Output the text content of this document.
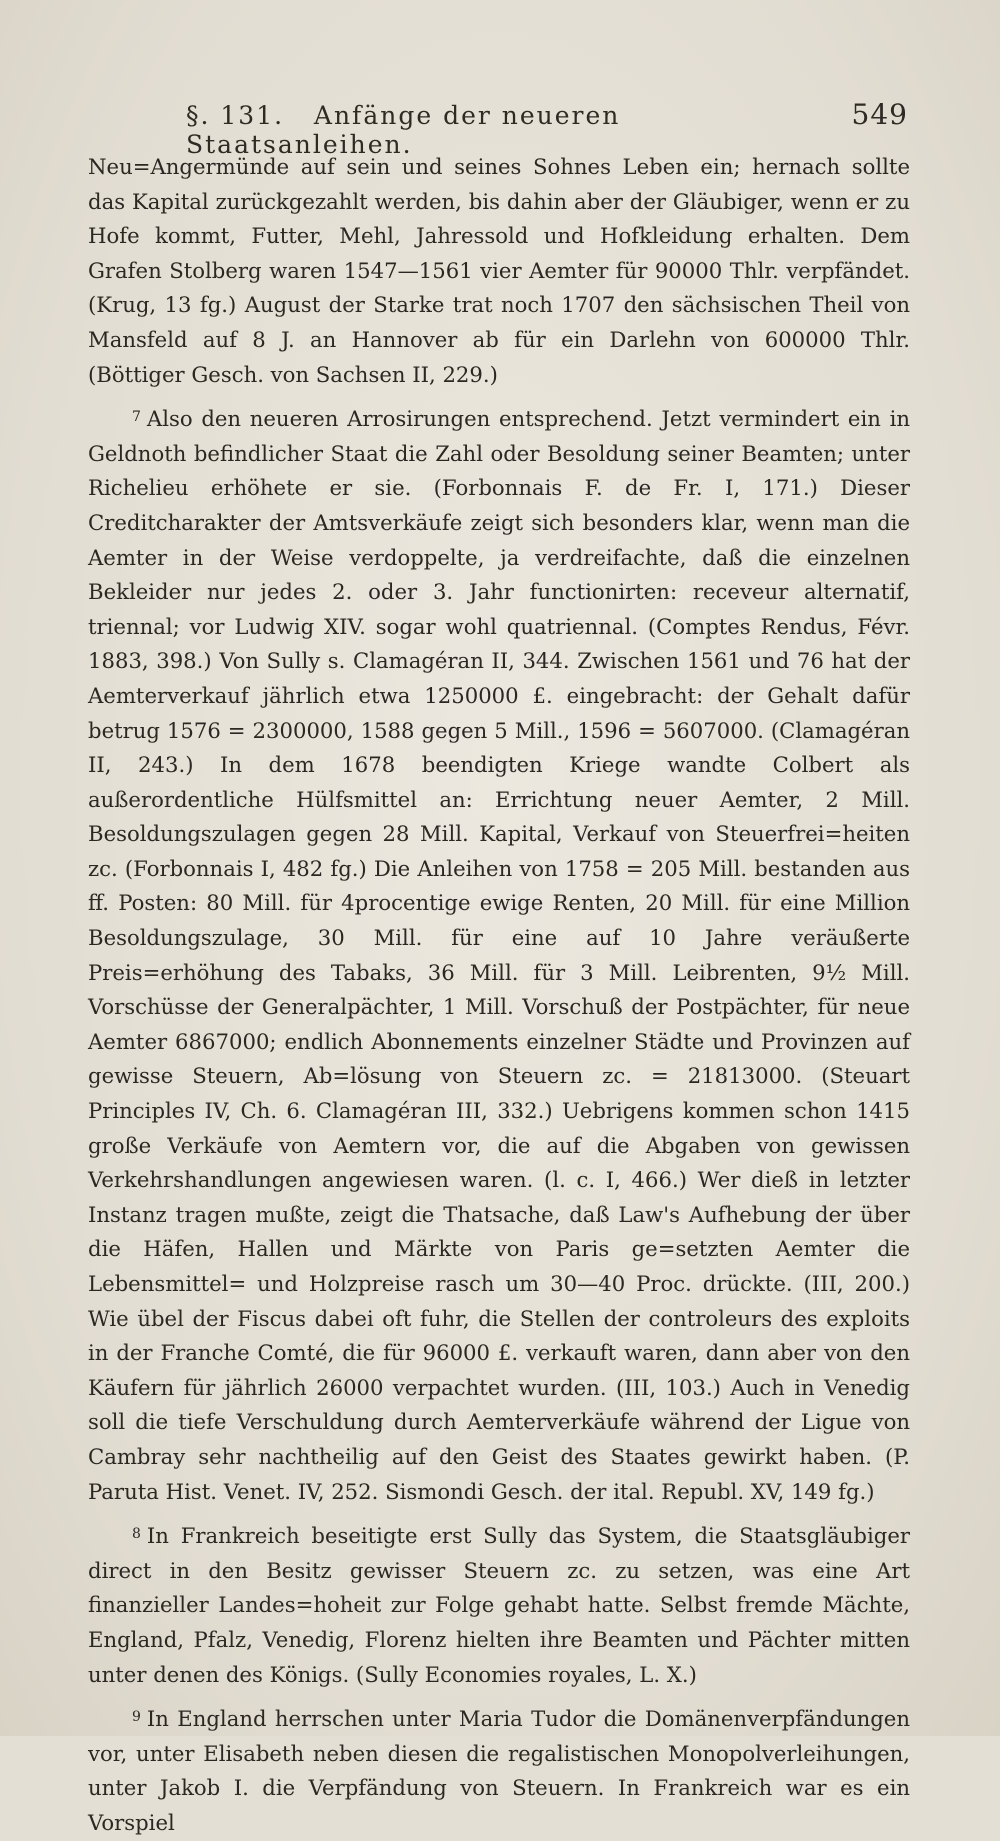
§. 131. Anfänge der neueren Staatsanleihen.
549

Neu=Angermünde auf sein und seines Sohnes Leben ein; hernach sollte das Kapital zurückgezahlt werden, bis dahin aber der Gläubiger, wenn er zu Hofe kommt, Futter, Mehl, Jahressold und Hofkleidung erhalten. Dem Grafen Stolberg waren 1547—1561 vier Aemter für 90000 Thlr. verpfändet. (Krug, 13 fg.) August der Starke trat noch 1707 den sächsischen Theil von Mansfeld auf 8 J. an Hannover ab für ein Darlehn von 600000 Thlr. (Böttiger Gesch. von Sachsen II, 229.)

$^7$ Also den neueren Arrosirungen entsprechend. Jetzt vermindert ein in Geldnoth befindlicher Staat die Zahl oder Besoldung seiner Beamten; unter Richelieu erhöhete er sie. (Forbonnais F. de Fr. I, 171.) Dieser Creditcharakter der Amtsverkäufe zeigt sich besonders klar, wenn man die Aemter in der Weise verdoppelte, ja verdreifachte, daß die einzelnen Bekleider nur jedes 2. oder 3. Jahr functionirten: receveur alternatif, triennal; vor Ludwig XIV. sogar wohl quatriennal. (Comptes Rendus, Févr. 1883, 398.) Von Sully s. Clamagéran II, 344. Zwischen 1561 und 76 hat der Aemterverkauf jährlich etwa 1250000 £. eingebracht: der Gehalt dafür betrug 1576 = 2300000, 1588 gegen 5 Mill., 1596 = 5607000. (Clamagéran II, 243.) In dem 1678 beendigten Kriege wandte Colbert als außerordentliche Hülfsmittel an: Errichtung neuer Aemter, 2 Mill. Besoldungszulagen gegen 28 Mill. Kapital, Verkauf von Steuerfrei=heiten zc. (Forbonnais I, 482 fg.) Die Anleihen von 1758 = 205 Mill. bestanden aus ff. Posten: 80 Mill. für 4procentige ewige Renten, 20 Mill. für eine Million Besoldungszulage, 30 Mill. für eine auf 10 Jahre veräußerte Preis=erhöhung des Tabaks, 36 Mill. für 3 Mill. Leibrenten, 9½ Mill. Vorschüsse der Generalpächter, 1 Mill. Vorschuß der Postpächter, für neue Aemter 6867000; endlich Abonnements einzelner Städte und Provinzen auf gewisse Steuern, Ab=lösung von Steuern zc. = 21813000. (Steuart Principles IV, Ch. 6. Clamagéran III, 332.) Uebrigens kommen schon 1415 große Verkäufe von Aemtern vor, die auf die Abgaben von gewissen Verkehrshandlungen angewiesen waren. (l. c. I, 466.) Wer dieß in letzter Instanz tragen mußte, zeigt die Thatsache, daß Law's Aufhebung der über die Häfen, Hallen und Märkte von Paris ge=setzten Aemter die Lebensmittel= und Holzpreise rasch um 30—40 Proc. drückte. (III, 200.) Wie übel der Fiscus dabei oft fuhr, die Stellen der controleurs des exploits in der Franche Comté, die für 96000 £. verkauft waren, dann aber von den Käufern für jährlich 26000 verpachtet wurden. (III, 103.) Auch in Venedig soll die tiefe Verschuldung durch Aemterverkäufe während der Ligue von Cambray sehr nachtheilig auf den Geist des Staates gewirkt haben. (P. Paruta Hist. Venet. IV, 252. Sismondi Gesch. der ital. Republ. XV, 149 fg.)

$^8$ In Frankreich beseitigte erst Sully das System, die Staatsgläubiger direct in den Besitz gewisser Steuern zc. zu setzen, was eine Art finanzieller Landes=hoheit zur Folge gehabt hatte. Selbst fremde Mächte, England, Pfalz, Venedig, Florenz hielten ihre Beamten und Pächter mitten unter denen des Königs. (Sully Economies royales, L. X.)

$^9$ In England herrschen unter Maria Tudor die Domänenverpfändungen vor, unter Elisabeth neben diesen die regalistischen Monopolverleihungen, unter Jakob I. die Verpfändung von Steuern. In Frankreich war es ein Vorspiel
